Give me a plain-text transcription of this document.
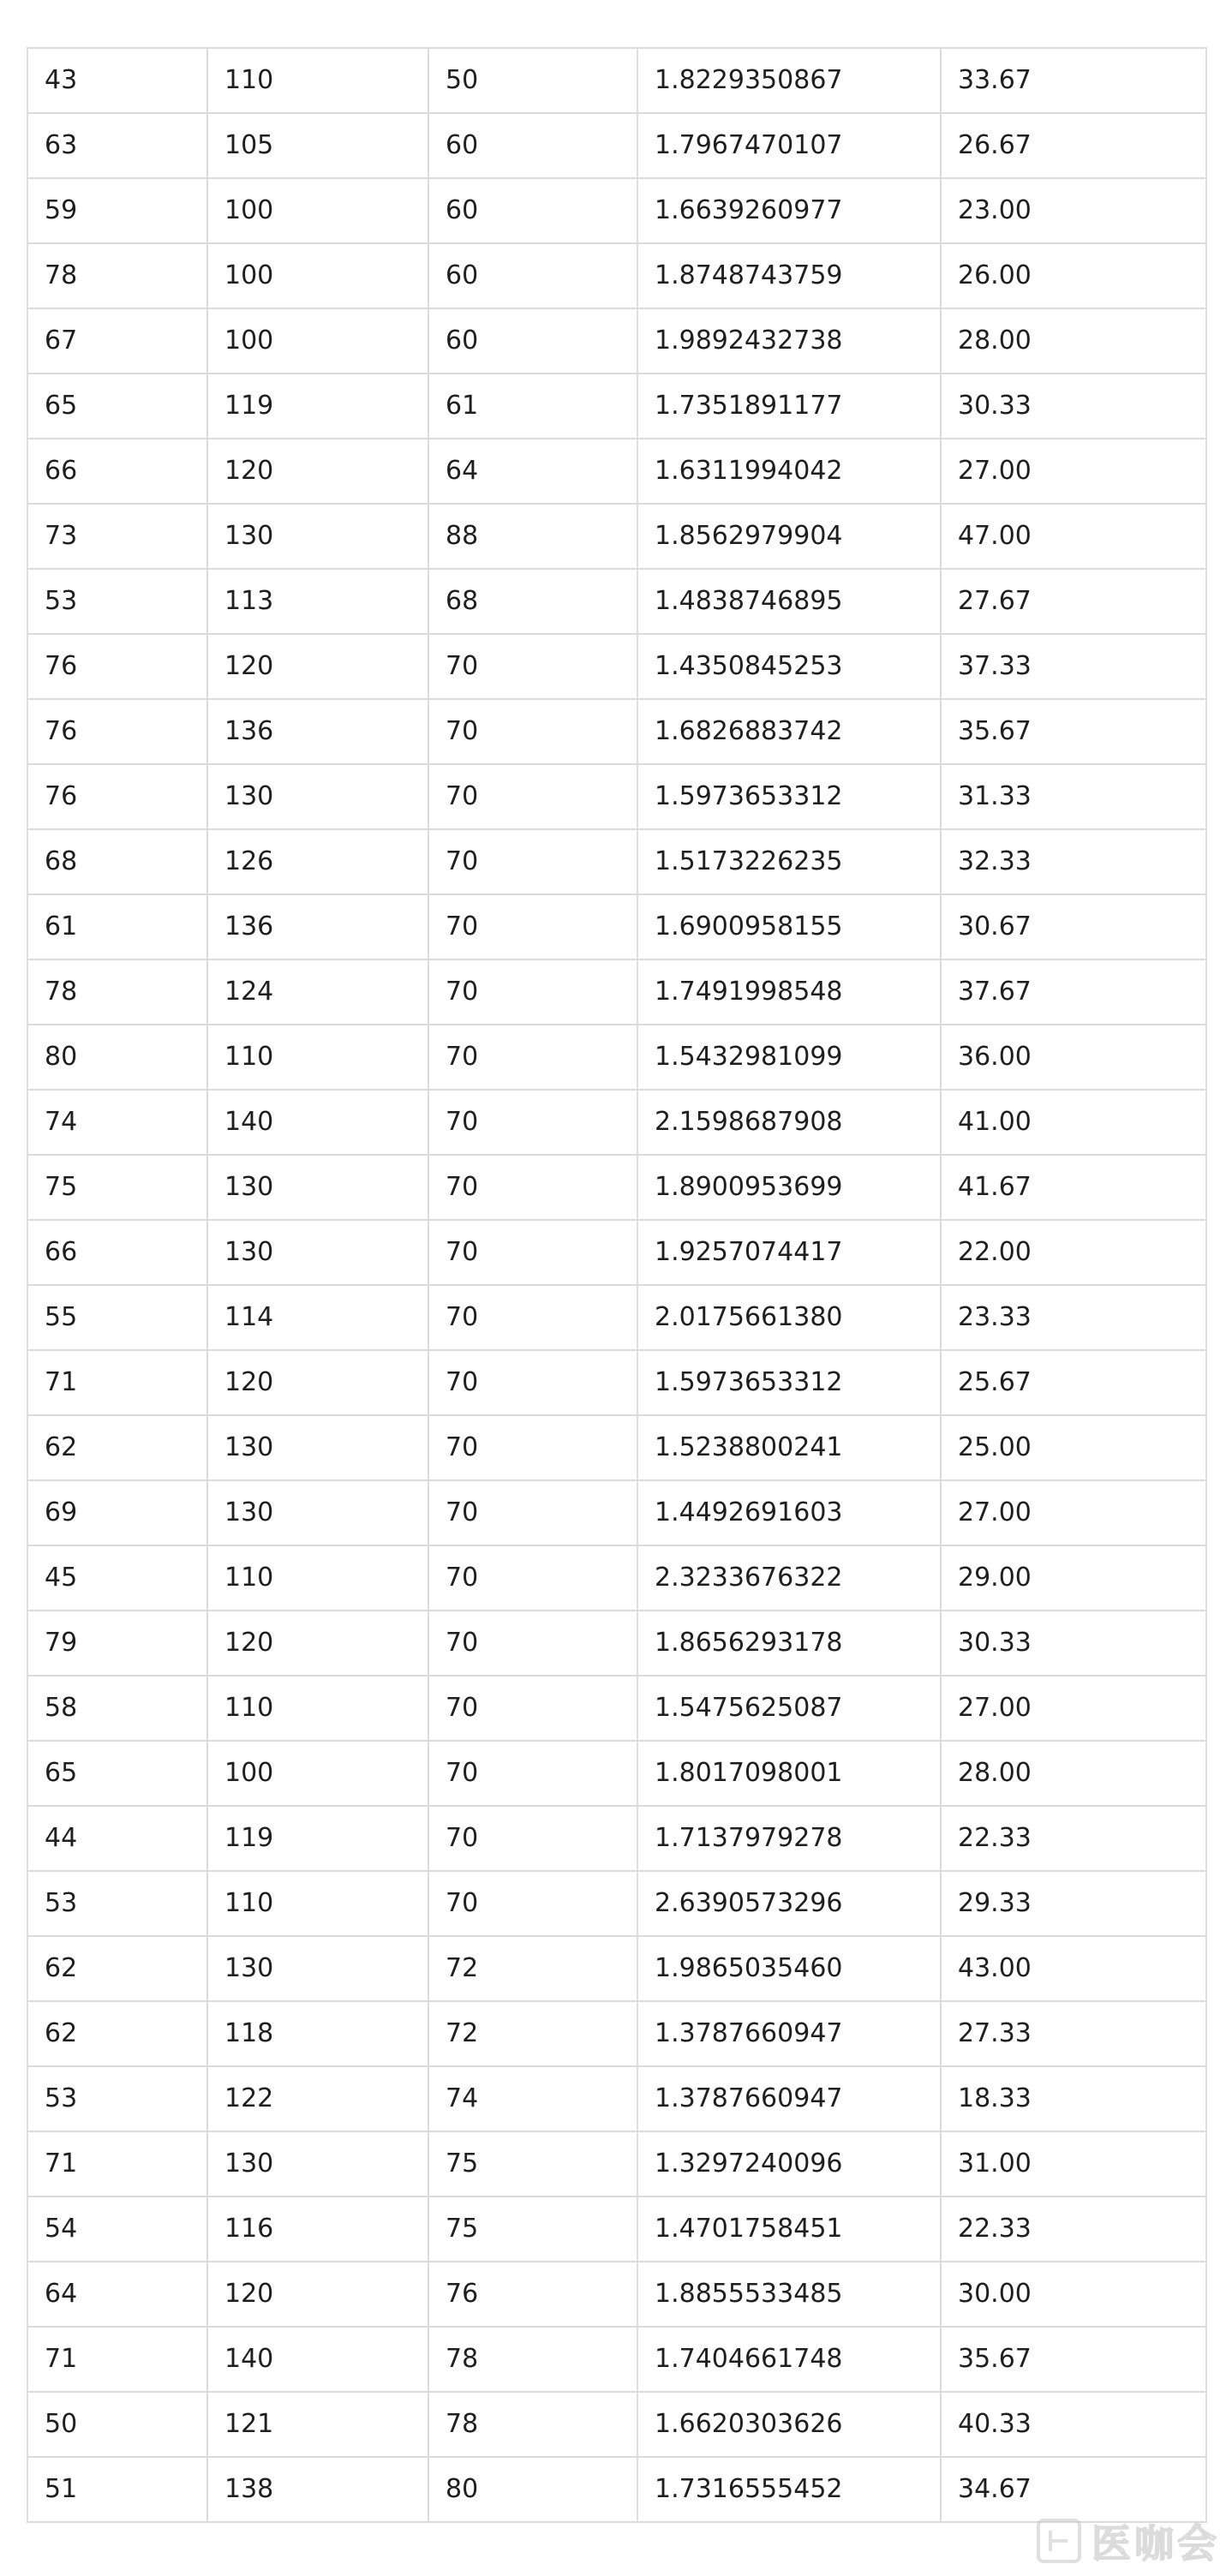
43	110	50	1.8229350867	33.67
63	105	60	1.7967470107	26.67
59	100	60	1.6639260977	23.00
78	100	60	1.8748743759	26.00
67	100	60	1.9892432738	28.00
65	119	61	1.7351891177	30.33
66	120	64	1.6311994042	27.00
73	130	88	1.8562979904	47.00
53	113	68	1.4838746895	27.67
76	120	70	1.4350845253	37.33
76	136	70	1.6826883742	35.67
76	130	70	1.5973653312	31.33
68	126	70	1.5173226235	32.33
61	136	70	1.6900958155	30.67
78	124	70	1.7491998548	37.67
80	110	70	1.5432981099	36.00
74	140	70	2.1598687908	41.00
75	130	70	1.8900953699	41.67
66	130	70	1.9257074417	22.00
55	114	70	2.0175661380	23.33
71	120	70	1.5973653312	25.67
62	130	70	1.5238800241	25.00
69	130	70	1.4492691603	27.00
45	110	70	2.3233676322	29.00
79	120	70	1.8656293178	30.33
58	110	70	1.5475625087	27.00
65	100	70	1.8017098001	28.00
44	119	70	1.7137979278	22.33
53	110	70	2.6390573296	29.33
62	130	72	1.9865035460	43.00
62	118	72	1.3787660947	27.33
53	122	74	1.3787660947	18.33
71	130	75	1.3297240096	31.00
54	116	75	1.4701758451	22.33
64	120	76	1.8855533485	30.00
71	140	78	1.7404661748	35.67
50	121	78	1.6620303626	40.33
51	138	80	1.7316555452	34.67
医咖会
